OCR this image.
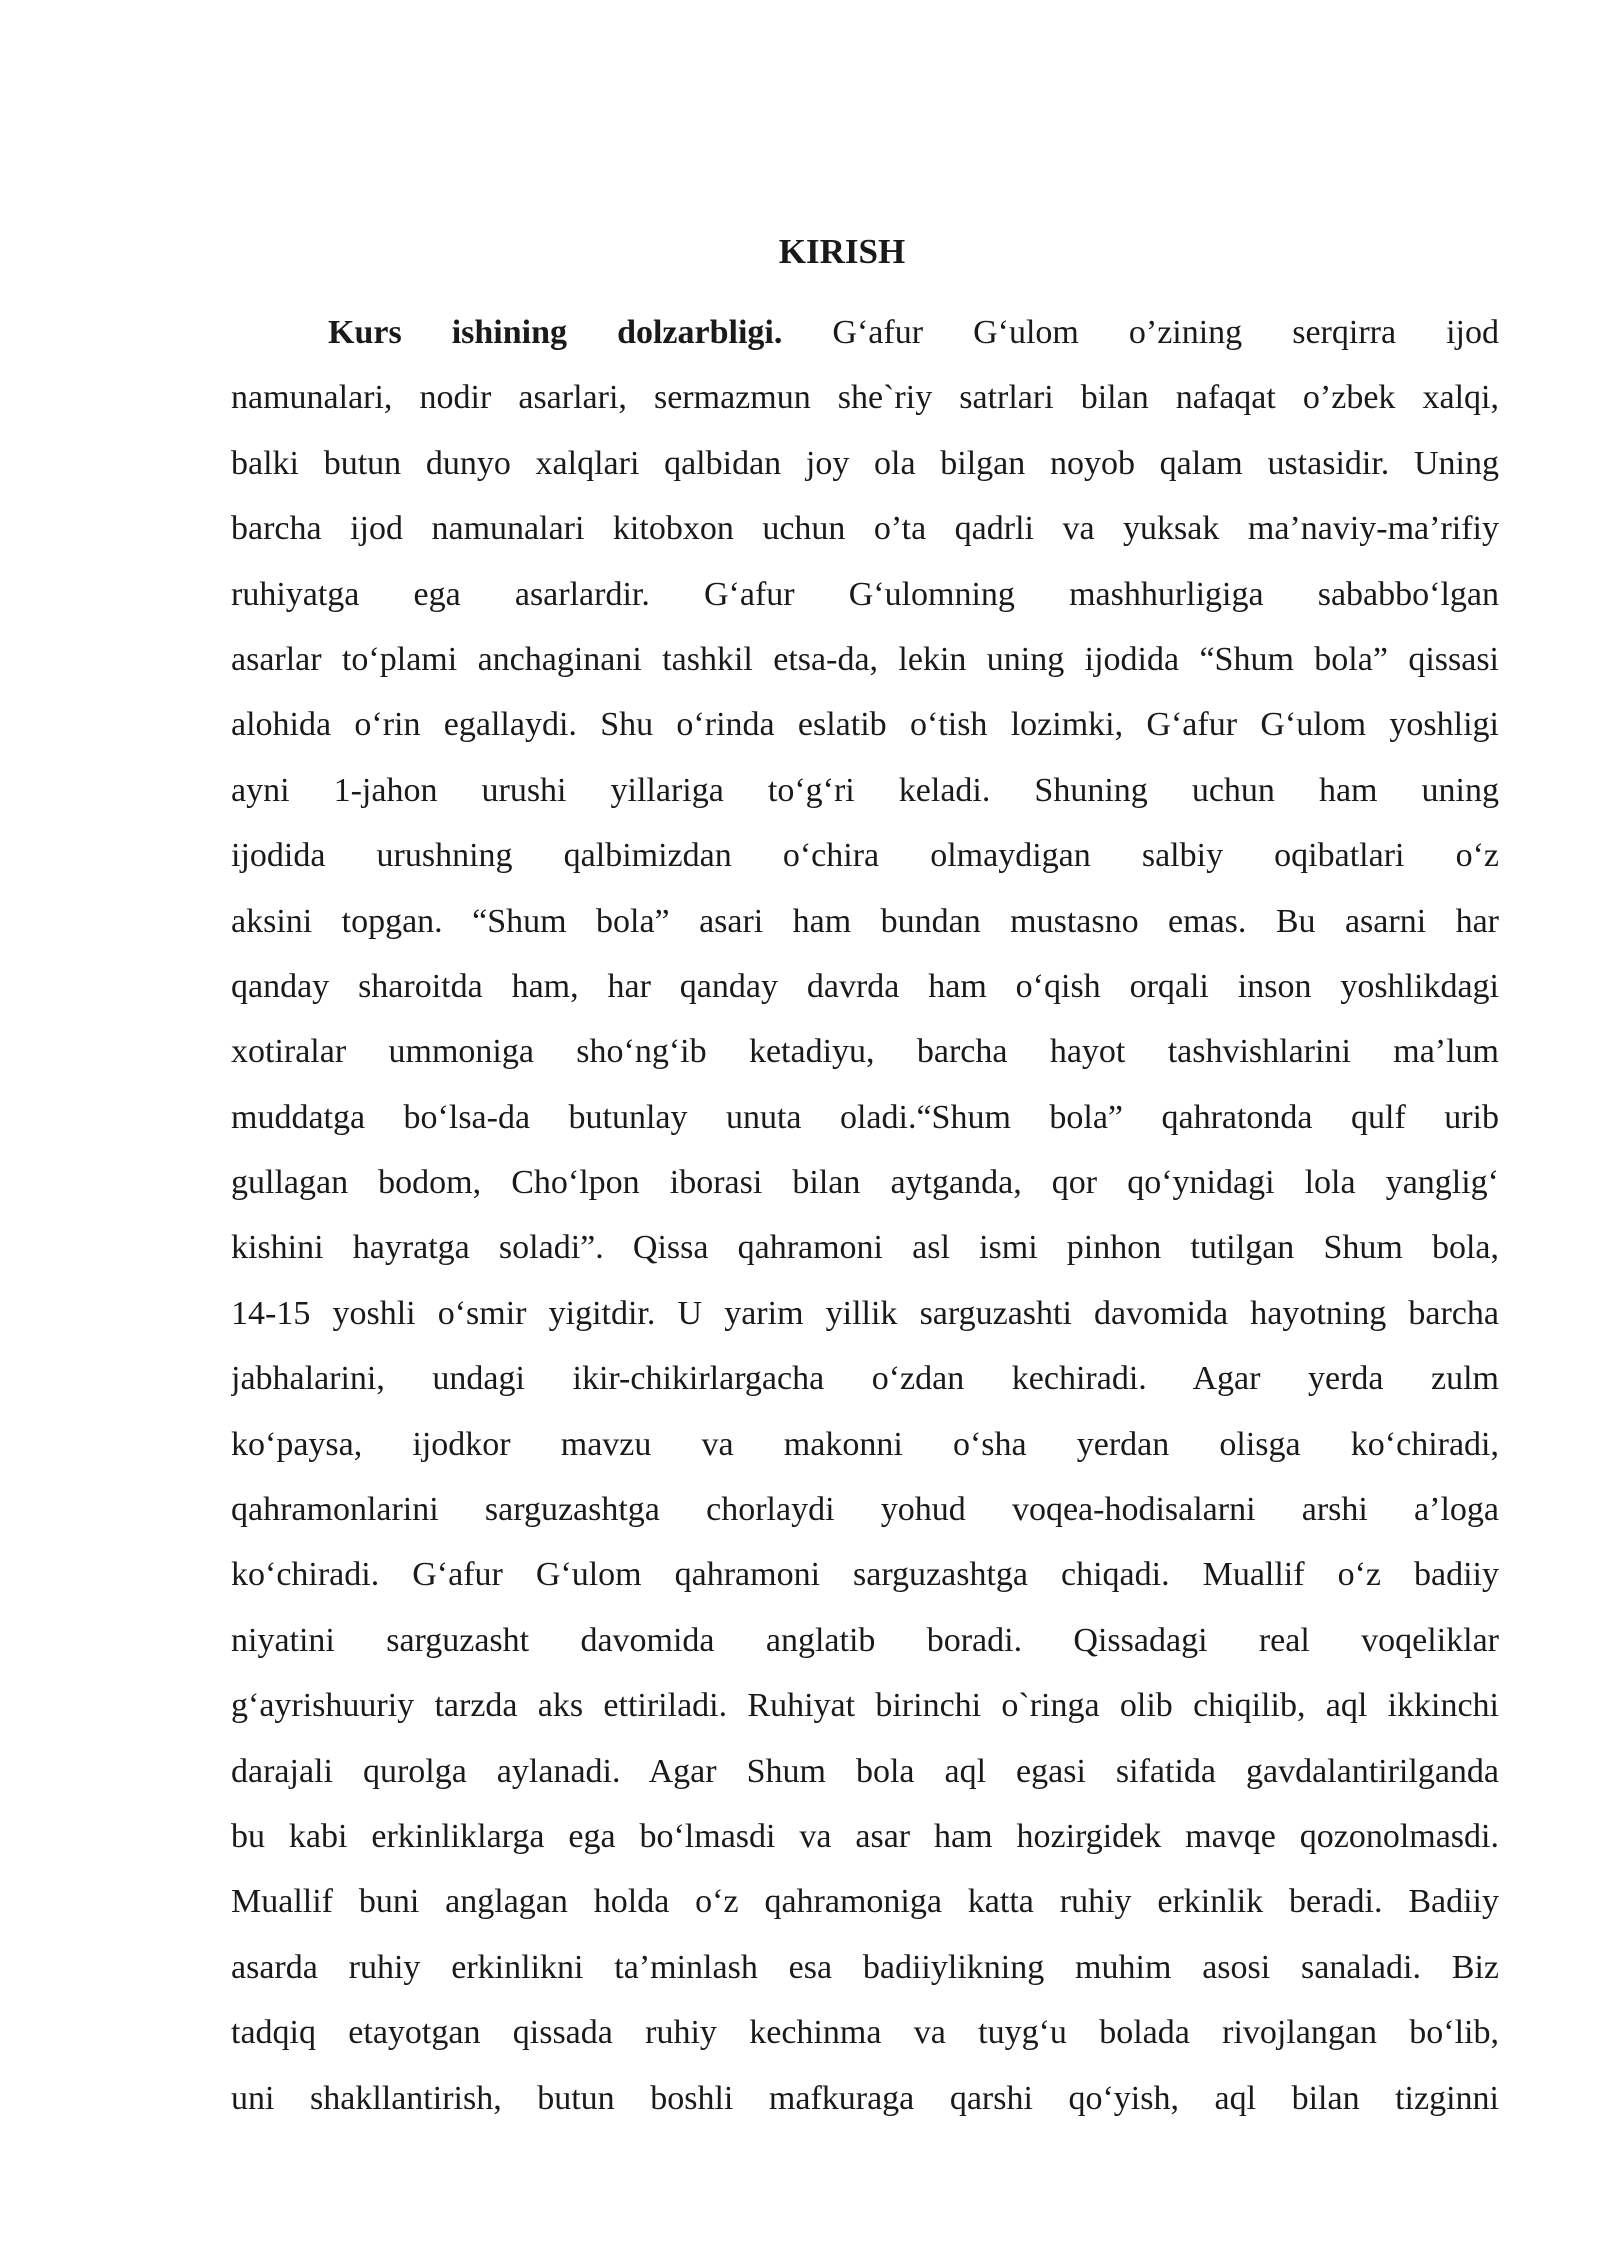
KIRISH
Kurs ishining dolzarbligi. G‘afur G‘ulom o’zining serqirra ijod
namunalari, nodir asarlari, sermazmun she`riy satrlari bilan nafaqat o’zbek xalqi,
balki butun dunyo xalqlari qalbidan joy ola bilgan noyob qalam ustasidir. Uning
barcha ijod namunalari kitobxon uchun o’ta qadrli va yuksak ma’naviy-ma’rifiy
ruhiyatga ega asarlardir. G‘afur G‘ulomning mashhurligiga sababbo‘lgan
asarlar to‘plami anchaginani tashkil etsa-da, lekin uning ijodida “Shum bola” qissasi
alohida o‘rin egallaydi. Shu o‘rinda eslatib o‘tish lozimki, G‘afur G‘ulom yoshligi
ayni 1-jahon urushi yillariga to‘g‘ri keladi. Shuning uchun ham uning
ijodida urushning qalbimizdan o‘chira olmaydigan salbiy oqibatlari o‘z
aksini topgan. “Shum bola” asari ham bundan mustasno emas. Bu asarni har
qanday sharoitda ham, har qanday davrda ham o‘qish orqali inson yoshlikdagi
xotiralar ummoniga sho‘ng‘ib ketadiyu, barcha hayot tashvishlarini ma’lum
muddatga bo‘lsa-da butunlay unuta oladi.“Shum bola” qahratonda qulf urib
gullagan bodom, Cho‘lpon iborasi bilan aytganda, qor qo‘ynidagi lola yanglig‘
kishini hayratga soladi”. Qissa qahramoni asl ismi pinhon tutilgan Shum bola,
14-15 yoshli o‘smir yigitdir. U yarim yillik sarguzashti davomida hayotning barcha
jabhalarini, undagi ikir-chikirlargacha o‘zdan kechiradi. Agar yerda zulm
ko‘paysa, ijodkor mavzu va makonni o‘sha yerdan olisga ko‘chiradi,
qahramonlarini sarguzashtga chorlaydi yohud voqea-hodisalarni arshi a’loga
ko‘chiradi. G‘afur G‘ulom qahramoni sarguzashtga chiqadi. Muallif o‘z badiiy
niyatini sarguzasht davomida anglatib boradi. Qissadagi real voqeliklar
g‘ayrishuuriy tarzda aks ettiriladi. Ruhiyat birinchi o`ringa olib chiqilib, aql ikkinchi
darajali qurolga aylanadi. Agar Shum bola aql egasi sifatida gavdalantirilganda
bu kabi erkinliklarga ega bo‘lmasdi va asar ham hozirgidek mavqe qozonolmasdi.
Muallif buni anglagan holda o‘z qahramoniga katta ruhiy erkinlik beradi. Badiiy
asarda ruhiy erkinlikni ta’minlash esa badiiylikning muhim asosi sanaladi. Biz
tadqiq etayotgan qissada ruhiy kechinma va tuyg‘u bolada rivojlangan bo‘lib,
uni shakllantirish, butun boshli mafkuraga qarshi qo‘yish, aql bilan tizginni
